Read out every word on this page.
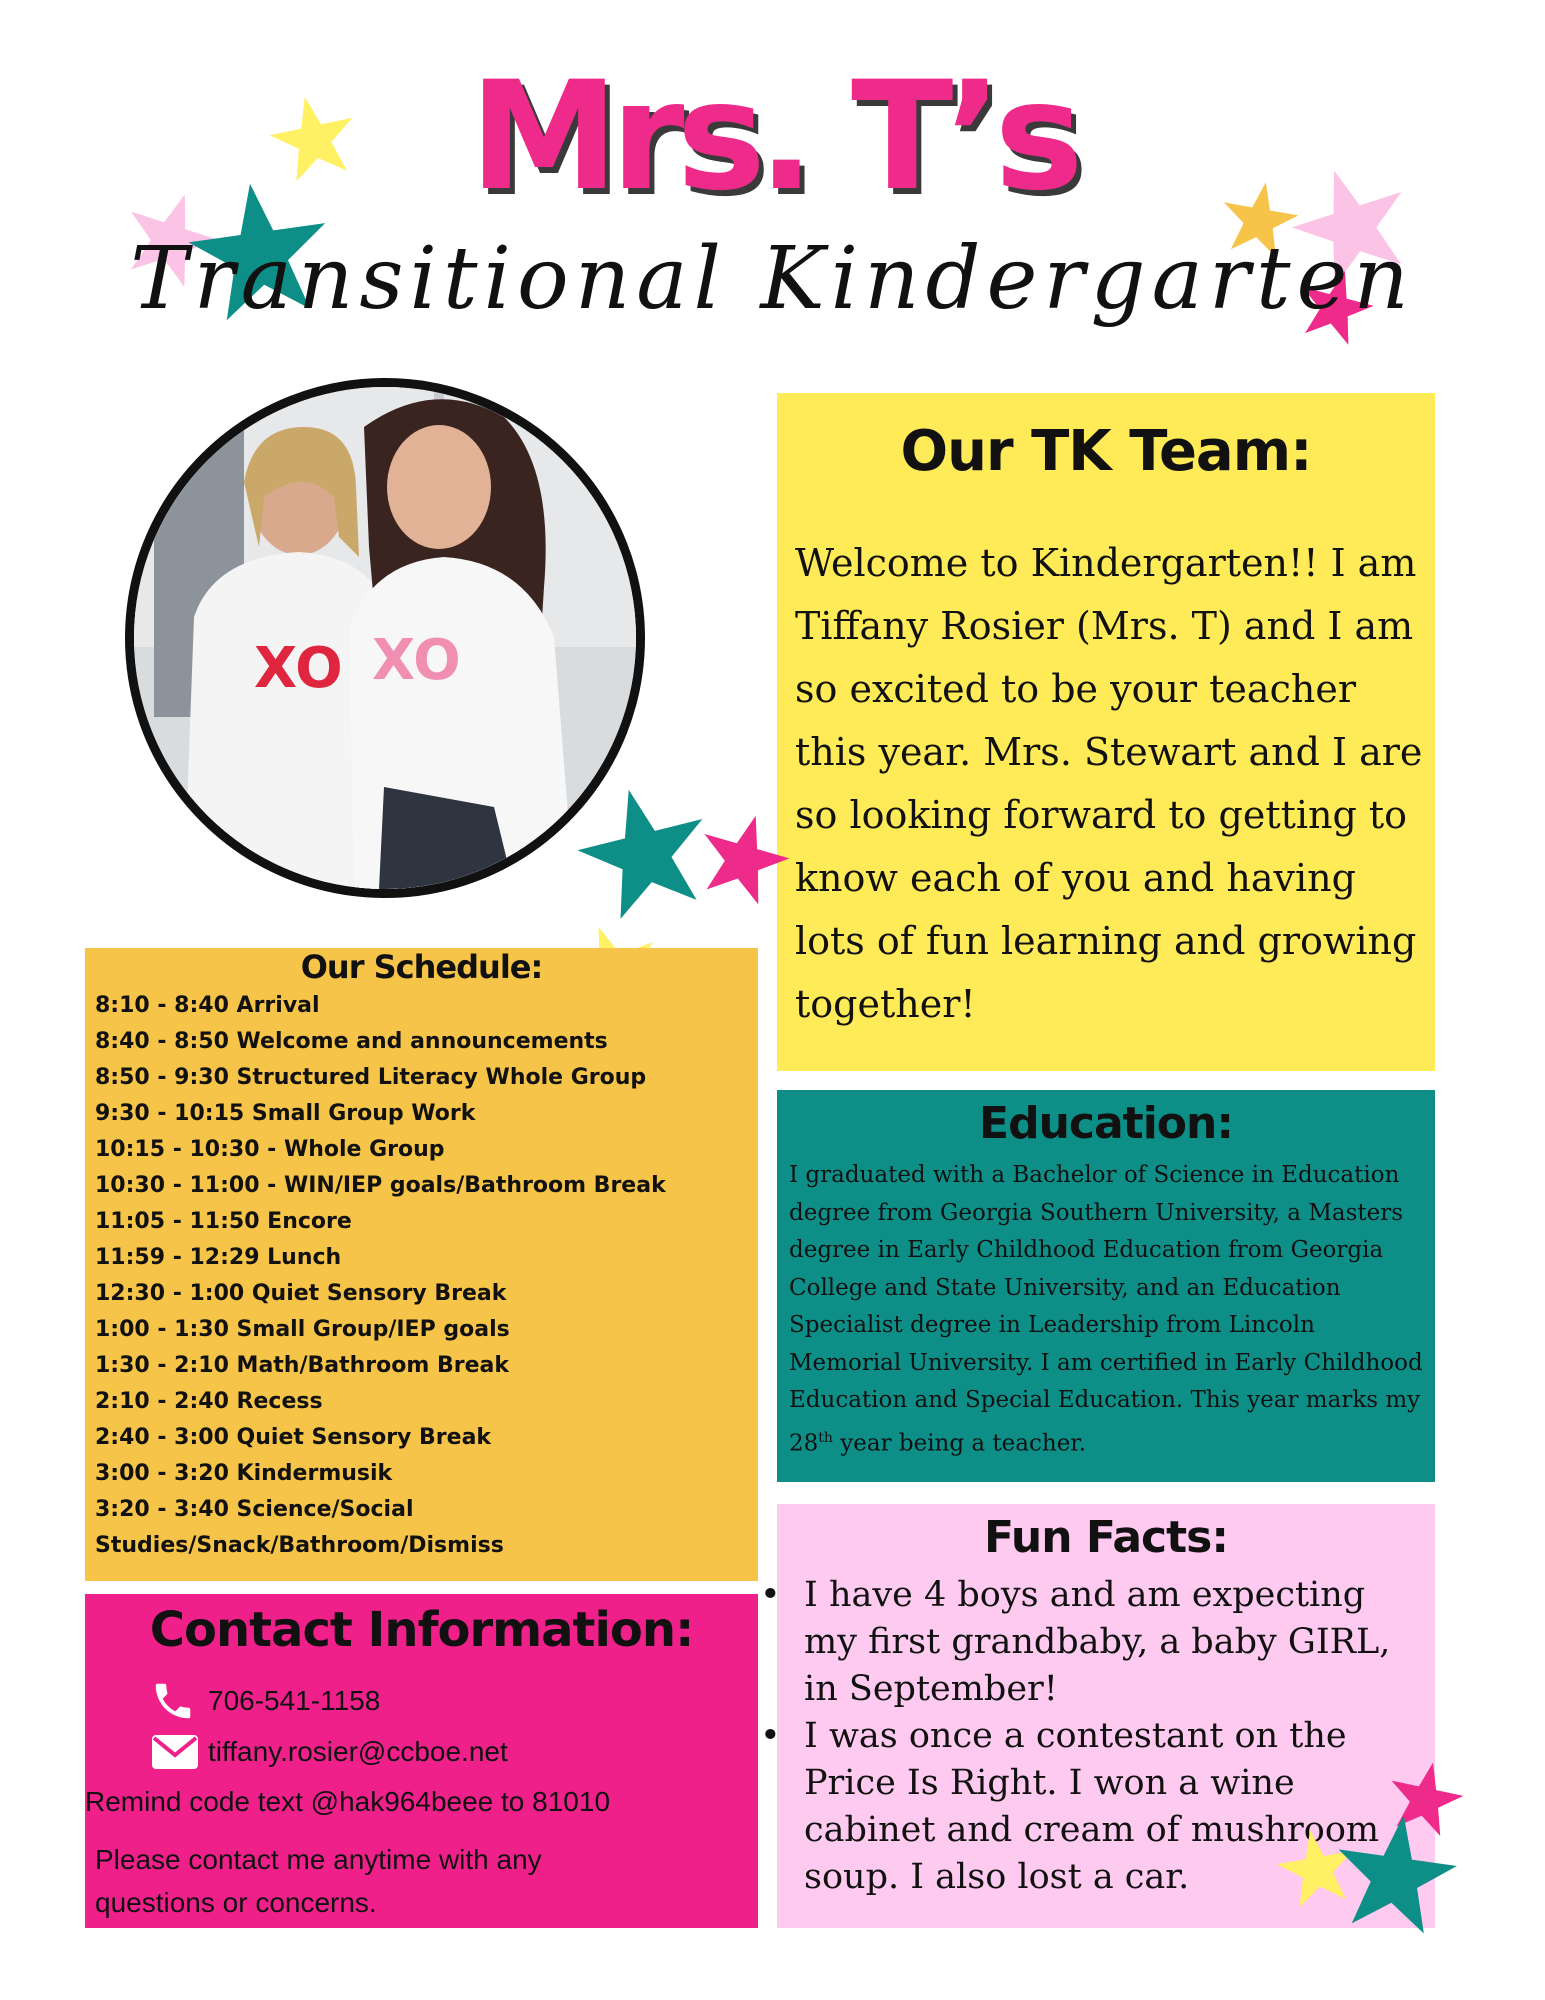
Mrs. T’s
Transitional Kindergarten
XO XO
Our TK Team:
Welcome to Kindergarten!! I am Tiffany Rosier (Mrs. T) and I am so excited to be your teacher this year. Mrs. Stewart and I are so looking forward to getting to know each of you and having lots of fun learning and growing together!
Our Schedule:
8:10 - 8:40 Arrival
8:40 - 8:50 Welcome and announcements
8:50 - 9:30 Structured Literacy Whole Group
9:30 - 10:15 Small Group Work
10:15 - 10:30 - Whole Group
10:30 - 11:00 - WIN/IEP goals/Bathroom Break
11:05 - 11:50 Encore
11:59 - 12:29 Lunch
12:30 - 1:00 Quiet Sensory Break
1:00 - 1:30 Small Group/IEP goals
1:30 - 2:10 Math/Bathroom Break
2:10 - 2:40 Recess
2:40 - 3:00 Quiet Sensory Break
3:00 - 3:20 Kindermusik
3:20 - 3:40 Science/Social Studies/Snack/Bathroom/Dismiss
Contact Information:
706-541-1158
tiffany.rosier@ccboe.net
Remind code text @hak964beee to 81010
Please contact me anytime with any questions or concerns.
Education:
I graduated with a Bachelor of Science in Education degree from Georgia Southern University, a Masters degree in Early Childhood Education from Georgia College and State University, and an Education Specialist degree in Leadership from Lincoln Memorial University. I am certified in Early Childhood Education and Special Education. This year marks my 28th year being a teacher.
Fun Facts:
• I have 4 boys and am expecting my first grandbaby, a baby GIRL, in September!
• I was once a contestant on the Price Is Right. I won a wine cabinet and cream of mushroom soup. I also lost a car.
